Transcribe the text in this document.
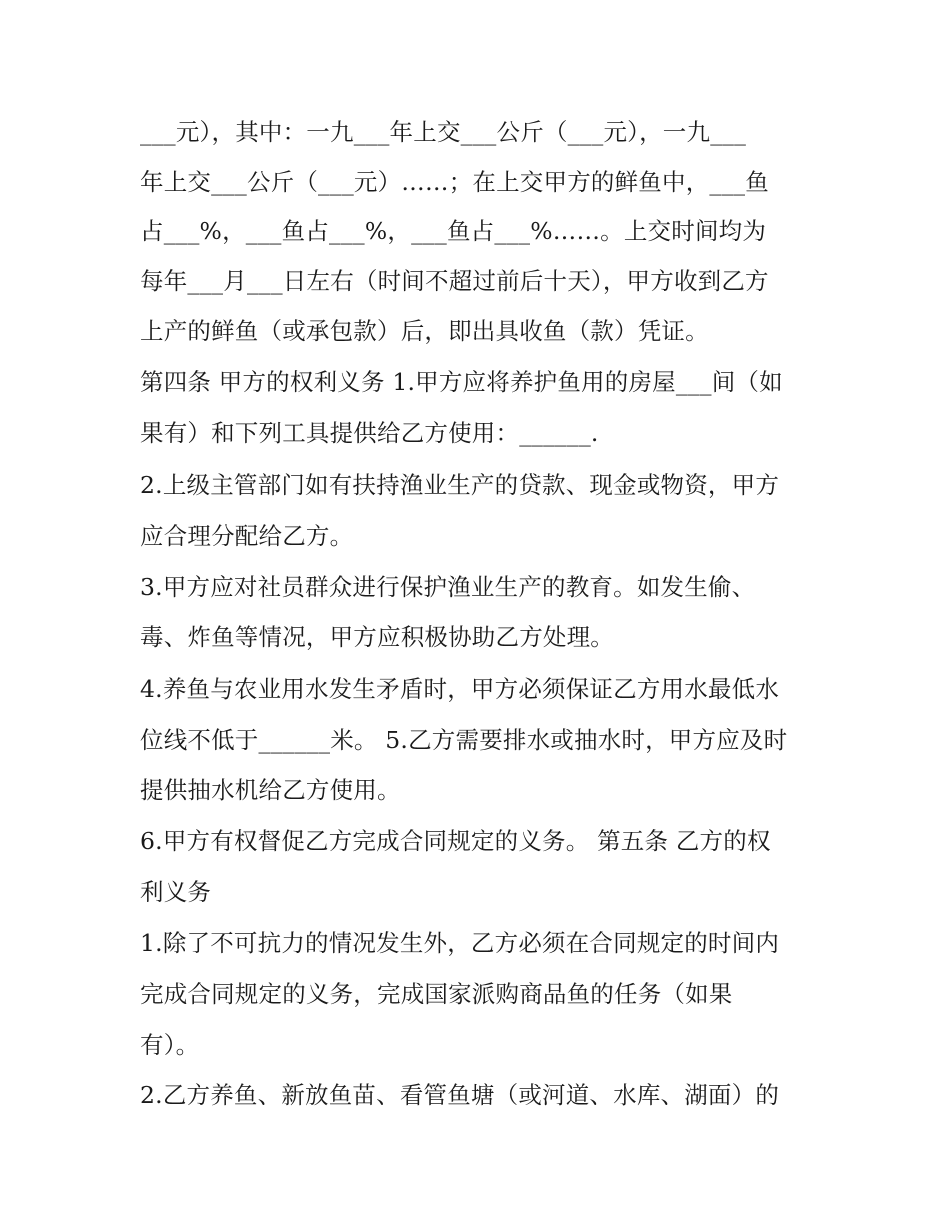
___元），其中：一九___年上交___公斤（___元），一九___
年上交___公斤（___元）……；在上交甲方的鲜鱼中，___鱼
占___%，___鱼占___%，___鱼占___%……。上交时间均为
每年___月___日左右（时间不超过前后十天），甲方收到乙方
上产的鲜鱼（或承包款）后，即出具收鱼（款）凭证。
第四条 甲方的权利义务 1.甲方应将养护鱼用的房屋___间（如
果有）和下列工具提供给乙方使用：______.
2.上级主管部门如有扶持渔业生产的贷款、现金或物资，甲方
应合理分配给乙方。
3.甲方应对社员群众进行保护渔业生产的教育。如发生偷、
毒、炸鱼等情况，甲方应积极协助乙方处理。
4.养鱼与农业用水发生矛盾时，甲方必须保证乙方用水最低水
位线不低于______米。 5.乙方需要排水或抽水时，甲方应及时
提供抽水机给乙方使用。
6.甲方有权督促乙方完成合同规定的义务。 第五条 乙方的权
利义务
1.除了不可抗力的情况发生外，乙方必须在合同规定的时间内
完成合同规定的义务，完成国家派购商品鱼的任务（如果
有）。
2.乙方养鱼、新放鱼苗、看管鱼塘（或河道、水库、湖面）的
